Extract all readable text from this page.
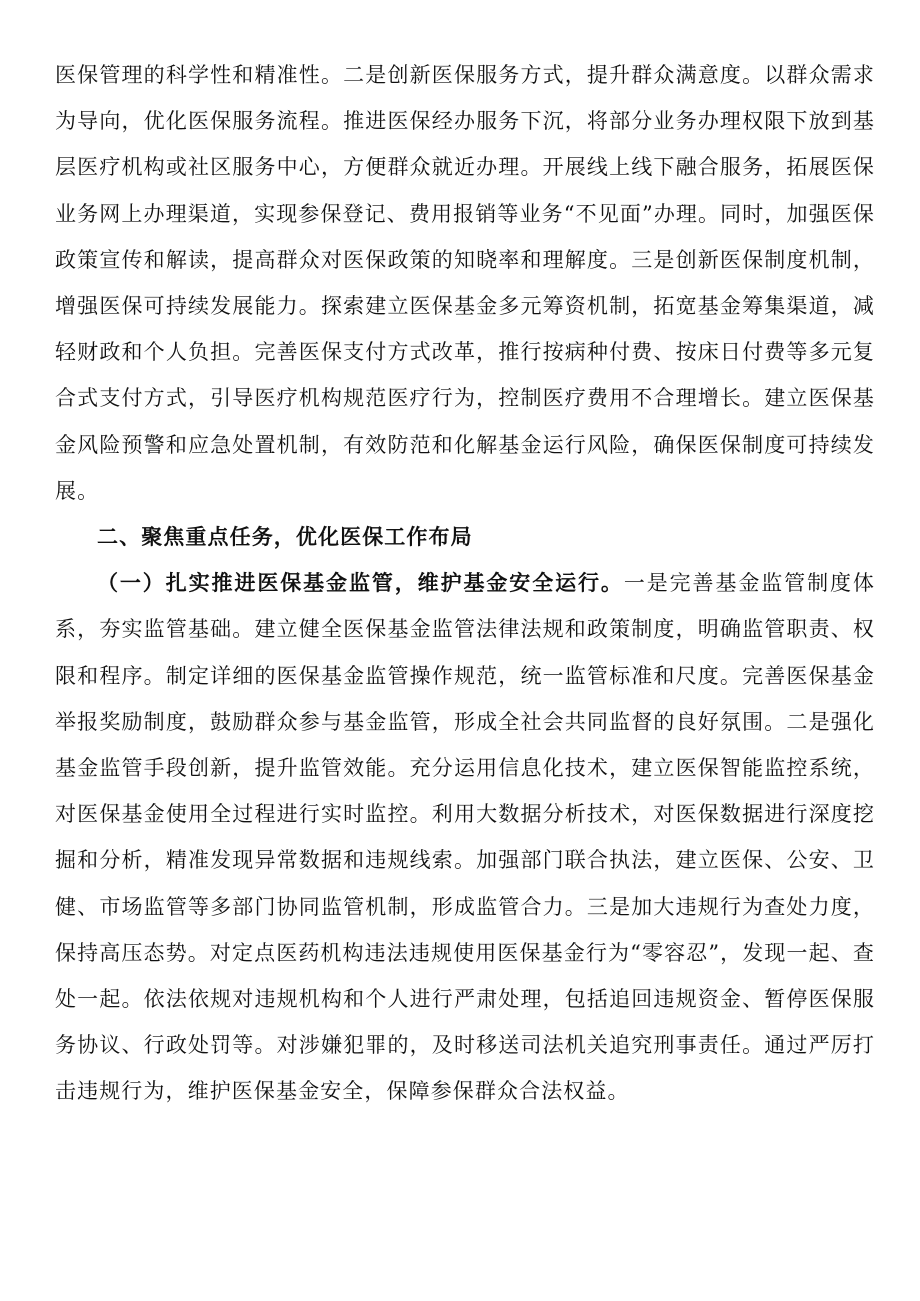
医保管理的科学性和精准性。二是创新医保服务方式，提升群众满意度。以群众需求为导向，优化医保服务流程。推进医保经办服务下沉，将部分业务办理权限下放到基层医疗机构或社区服务中心，方便群众就近办理。开展线上线下融合服务，拓展医保业务网上办理渠道，实现参保登记、费用报销等业务“不见面”办理。同时，加强医保政策宣传和解读，提高群众对医保政策的知晓率和理解度。三是创新医保制度机制，增强医保可持续发展能力。探索建立医保基金多元筹资机制，拓宽基金筹集渠道，减轻财政和个人负担。完善医保支付方式改革，推行按病种付费、按床日付费等多元复合式支付方式，引导医疗机构规范医疗行为，控制医疗费用不合理增长。建立医保基金风险预警和应急处置机制，有效防范和化解基金运行风险，确保医保制度可持续发展。

二、聚焦重点任务，优化医保工作布局

（一）扎实推进医保基金监管，维护基金安全运行。一是完善基金监管制度体系，夯实监管基础。建立健全医保基金监管法律法规和政策制度，明确监管职责、权限和程序。制定详细的医保基金监管操作规范，统一监管标准和尺度。完善医保基金举报奖励制度，鼓励群众参与基金监管，形成全社会共同监督的良好氛围。二是强化基金监管手段创新，提升监管效能。充分运用信息化技术，建立医保智能监控系统，对医保基金使用全过程进行实时监控。利用大数据分析技术，对医保数据进行深度挖掘和分析，精准发现异常数据和违规线索。加强部门联合执法，建立医保、公安、卫健、市场监管等多部门协同监管机制，形成监管合力。三是加大违规行为查处力度，保持高压态势。对定点医药机构违法违规使用医保基金行为“零容忍”，发现一起、查处一起。依法依规对违规机构和个人进行严肃处理，包括追回违规资金、暂停医保服务协议、行政处罚等。对涉嫌犯罪的，及时移送司法机关追究刑事责任。通过严厉打击违规行为，维护医保基金安全，保障参保群众合法权益。
